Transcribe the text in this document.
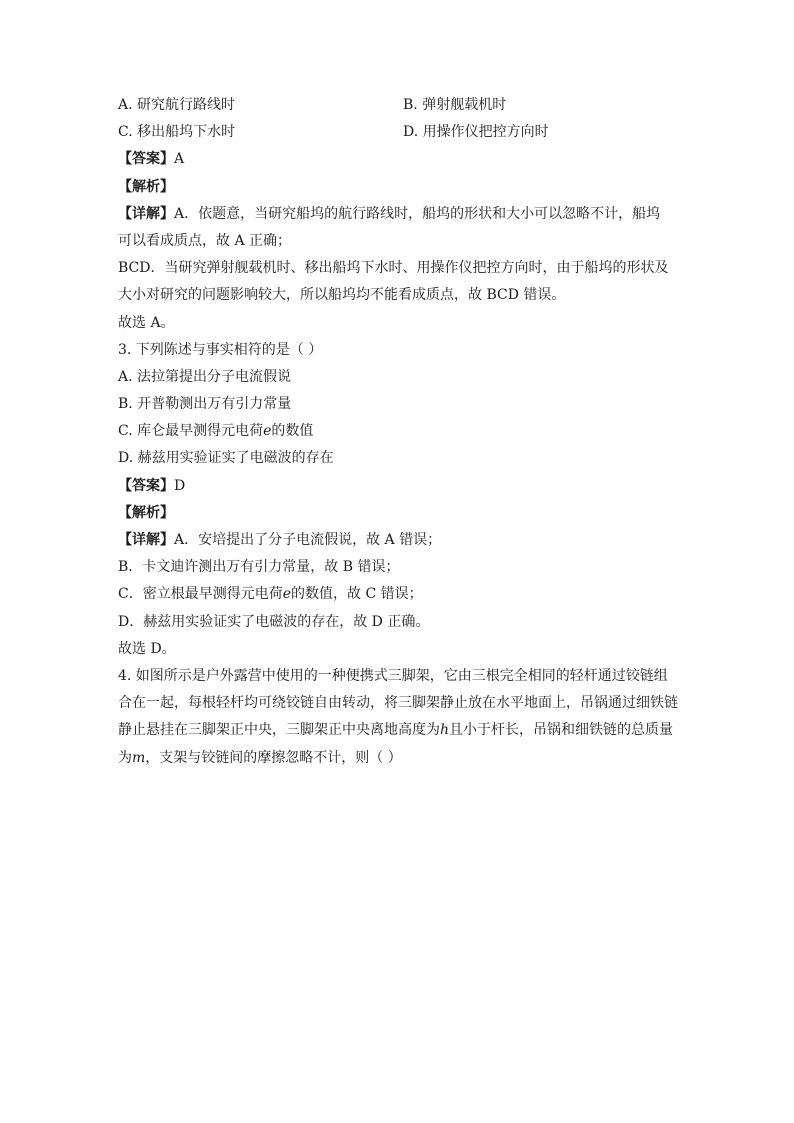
A. 研究航行路线时	B. 弹射舰载机时
C. 移出船坞下水时	D. 用操作仪把控方向时
【答案】A
【解析】
【详解】A．依题意，当研究船坞的航行路线时，船坞的形状和大小可以忽略不计，船坞
可以看成质点，故 A 正确；
BCD．当研究弹射舰载机时、移出船坞下水时、用操作仪把控方向时，由于船坞的形状及
大小对研究的问题影响较大，所以船坞均不能看成质点，故 BCD 错误。
故选 A。
3. 下列陈述与事实相符的是（ ）
A. 法拉第提出分子电流假说
B. 开普勒测出万有引力常量
C. 库仑最早测得元电荷e的数值
D. 赫兹用实验证实了电磁波的存在
【答案】D
【解析】
【详解】A．安培提出了分子电流假说，故 A 错误；
B．卡文迪许测出万有引力常量，故 B 错误；
C．密立根最早测得元电荷e的数值，故 C 错误；
D．赫兹用实验证实了电磁波的存在，故 D 正确。
故选 D。
4. 如图所示是户外露营中使用的一种便携式三脚架，它由三根完全相同的轻杆通过铰链组
合在一起，每根轻杆均可绕铰链自由转动，将三脚架静止放在水平地面上，吊锅通过细铁链
静止悬挂在三脚架正中央，三脚架正中央离地高度为h且小于杆长，吊锅和细铁链的总质量
为m，支架与铰链间的摩擦忽略不计，则（ ）
